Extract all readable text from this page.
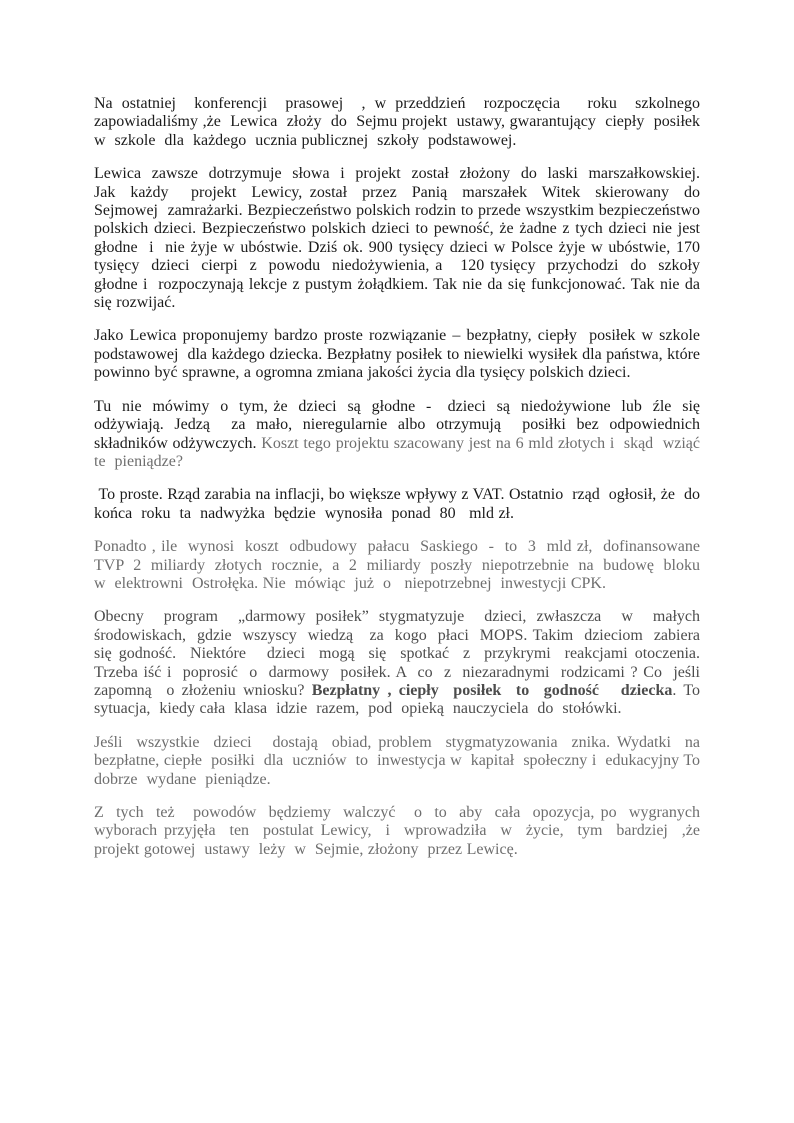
Na ostatniej  konferencji  prasowej  , w przeddzień  rozpoczęcia   roku  szkolnego zapowiadaliśmy ,że  Lewica  złoży  do  Sejmu projekt  ustawy, gwarantujący  ciepły  posiłek w  szkole  dla  każdego  ucznia publicznej  szkoły  podstawowej.

Lewica  zawsze  dotrzymuje  słowa  i  projekt  został  złożony  do  laski  marszałkowskiej. Jak  każdy   projekt  Lewicy, został  przez  Panią  marszałek  Witek  skierowany  do Sejmowej  zamrażarki. Bezpieczeństwo polskich rodzin to przede wszystkim bezpieczeństwo polskich dzieci. Bezpieczeństwo polskich dzieci to pewność, że żadne z tych dzieci nie jest głodne  i  nie żyje w ubóstwie. Dziś ok. 900 tysięcy dzieci w Polsce żyje w ubóstwie, 170 tysięcy  dzieci  cierpi  z  powodu  niedożywienia, a   120 tysięcy  przychodzi  do  szkoły głodne i  rozpoczynają lekcje z pustym żołądkiem. Tak nie da się funkcjonować. Tak nie da się rozwijać.

Jako Lewica proponujemy bardzo proste rozwiązanie – bezpłatny, ciepły  posiłek w szkole podstawowej  dla każdego dziecka. Bezpłatny posiłek to niewielki wysiłek dla państwa, które powinno być sprawne, a ogromna zmiana jakości życia dla tysięcy polskich dzieci.

Tu  nie  mówimy  o  tym, że  dzieci  są  głodne  -   dzieci  są  niedożywione  lub  źle  się odżywiają. Jedzą  za mało, nieregularnie albo otrzymują  posiłki bez odpowiednich składników odżywczych. Koszt tego projektu szacowany jest na 6 mld złotych i  skąd  wziąć te  pieniądze?

To proste. Rząd zarabia na inflacji, bo większe wpływy z VAT. Ostatnio  rząd  ogłosił, że  do końca  roku  ta  nadwyżka  będzie  wynosiła  ponad  80   mld zł.

Ponadto , ile  wynosi  koszt  odbudowy  pałacu  Saskiego  -  to  3  mld zł,  dofinansowane TVP  2  miliardy  złotych  rocznie,  a  2  miliardy  poszły  niepotrzebnie  na  budowę  bloku w  elektrowni  Ostrołęka. Nie  mówiąc  już  o   niepotrzebnej  inwestycji CPK.

Obecny  program  „darmowy posiłek” stygmatyzuje  dzieci, zwłaszcza  w  małych środowiskach,  gdzie  wszyscy  wiedzą   za  kogo  płaci  MOPS. Takim  dzieciom  zabiera  się godność.  Niektóre   dzieci  mogą  się  spotkać  z  przykrymi  reakcjami otoczenia. Trzeba iść i  poprosić  o  darmowy  posiłek. A  co  z  niezaradnymi  rodzicami ? Co  jeśli   zapomną  o złożeniu wniosku? Bezpłatny , ciepły  posiłek  to  godność   dziecka. To  sytuacja,  kiedy cała  klasa  idzie  razem,  pod  opieką  nauczyciela  do  stołówki.

Jeśli  wszystkie  dzieci   dostają  obiad, problem  stygmatyzowania  znika. Wydatki  na bezpłatne, ciepłe  posiłki  dla  uczniów  to  inwestycja w  kapitał  społeczny i  edukacyjny To dobrze  wydane  pieniądze.

Z  tych  też   powodów  będziemy  walczyć   o  to  aby  cała  opozycja, po  wygranych wyborach przyjęła  ten  postulat Lewicy,  i  wprowadziła  w  życie,  tym  bardziej  ,że  projekt gotowej  ustawy  leży  w  Sejmie, złożony  przez Lewicę.
